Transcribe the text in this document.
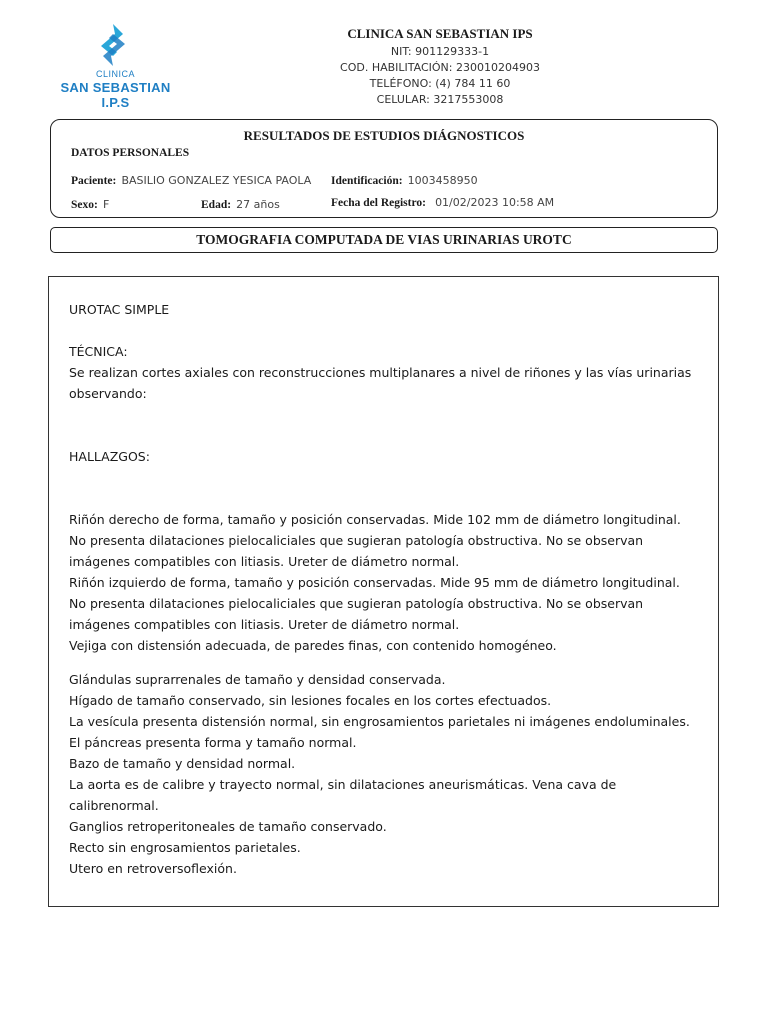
CLINICA
SAN SEBASTIAN I.P.S
CLINICA SAN SEBASTIAN IPS
NIT: 901129333-1
COD. HABILITACIÓN: 230010204903
TELÉFONO: (4) 784 11 60
CELULAR: 3217553008
RESULTADOS DE ESTUDIOS DIÁGNOSTICOS
DATOS PERSONALES
Paciente: BASILIO GONZALEZ YESICA PAOLA Identificación: 1003458950
Sexo: F	Edad: 27 años	Fecha del Registro: 01/02/2023 10:58 AM
TOMOGRAFIA COMPUTADA DE VIAS URINARIAS UROTC

UROTAC SIMPLE

TÉCNICA:

Se realizan cortes axiales con reconstrucciones multiplanares a nivel de riñones y las vías urinarias observando:

HALLAZGOS:

Riñón derecho de forma, tamaño y posición conservadas. Mide 102 mm de diámetro longitudinal.

No presenta dilataciones pielocaliciales que sugieran patología obstructiva. No se observan

imágenes compatibles con litiasis. Ureter de diámetro normal.

Riñón izquierdo de forma, tamaño y posición conservadas. Mide 95 mm de diámetro longitudinal.

No presenta dilataciones pielocaliciales que sugieran patología obstructiva. No se observan

imágenes compatibles con litiasis. Ureter de diámetro normal.

Vejiga con distensión adecuada, de paredes finas, con contenido homogéneo.

Glándulas suprarrenales de tamaño y densidad conservada.

Hígado de tamaño conservado, sin lesiones focales en los cortes efectuados.

La vesícula presenta distensión normal, sin engrosamientos parietales ni imágenes endoluminales.

El páncreas presenta forma y tamaño normal.

Bazo de tamaño y densidad normal.

La aorta es de calibre y trayecto normal, sin dilataciones aneurismáticas. Vena cava de

calibrenormal.

Ganglios retroperitoneales de tamaño conservado.

Recto sin engrosamientos parietales.

Utero en retroversoflexión.
